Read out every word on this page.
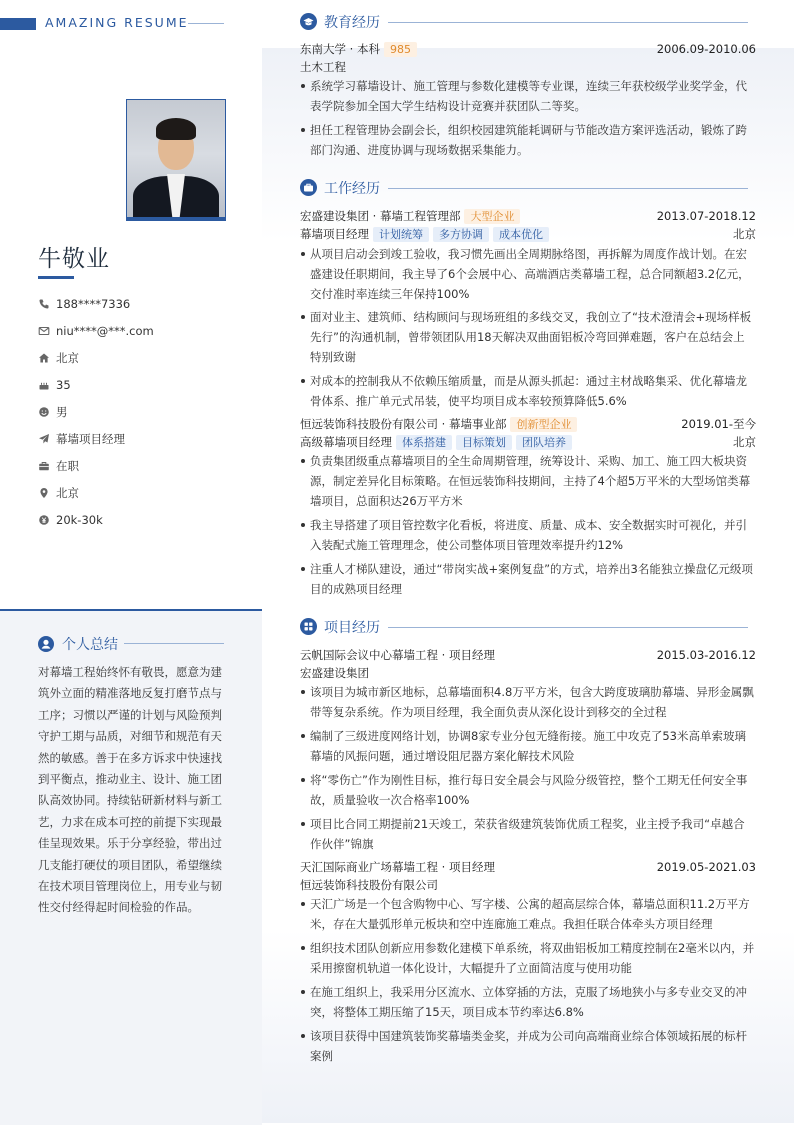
AMAZING RESUME
牛敬业
188****7336
niu****@***.com
北京
35
男
幕墙项目经理
在职
北京
20k-30k
个人总结
对幕墙工程始终怀有敬畏，愿意为建筑外立面的精准落地反复打磨节点与工序；习惯以严谨的计划与风险预判守护工期与品质，对细节和规范有天然的敏感。善于在多方诉求中快速找到平衡点，推动业主、设计、施工团队高效协同。持续钻研新材料与新工艺，力求在成本可控的前提下实现最佳呈现效果。乐于分享经验，带出过几支能打硬仗的项目团队，希望继续在技术项目管理岗位上，用专业与韧性交付经得起时间检验的作品。
教育经历
东南大学 · 本科 985	2006.09-2010.06
土木工程
系统学习幕墙设计、施工管理与参数化建模等专业课，连续三年获校级学业奖学金，代表学院参加全国大学生结构设计竞赛并获团队二等奖。
担任工程管理协会副会长，组织校园建筑能耗调研与节能改造方案评选活动，锻炼了跨部门沟通、进度协调与现场数据采集能力。
工作经历
宏盛建设集团 · 幕墙工程管理部 大型企业	2013.07-2018.12
幕墙项目经理 计划统筹 多方协调 成本优化	北京
从项目启动会到竣工验收，我习惯先画出全周期脉络图，再拆解为周度作战计划。在宏盛建设任职期间，我主导了6个会展中心、高端酒店类幕墙工程，总合同额超3.2亿元，交付准时率连续三年保持100%
面对业主、建筑师、结构顾问与现场班组的多线交叉，我创立了“技术澄清会+现场样板先行”的沟通机制，曾带领团队用18天解决双曲面铝板冷弯回弹难题，客户在总结会上特别致谢
对成本的控制我从不依赖压缩质量，而是从源头抓起：通过主材战略集采、优化幕墙龙骨体系、推广单元式吊装，使平均项目成本率较预算降低5.6%
恒远装饰科技股份有限公司 · 幕墙事业部 创新型企业	2019.01-至今
高级幕墙项目经理 体系搭建 目标策划 团队培养	北京
负责集团级重点幕墙项目的全生命周期管理，统筹设计、采购、加工、施工四大板块资源，制定差异化目标策略。在恒远装饰科技期间，主持了4个超5万平米的大型场馆类幕墙项目，总面积达26万平方米
我主导搭建了项目管控数字化看板，将进度、质量、成本、安全数据实时可视化，并引入装配式施工管理理念，使公司整体项目管理效率提升约12%
注重人才梯队建设，通过“带岗实战+案例复盘”的方式，培养出3名能独立操盘亿元级项目的成熟项目经理
项目经历
云帆国际会议中心幕墙工程 · 项目经理	2015.03-2016.12
宏盛建设集团
该项目为城市新区地标，总幕墙面积4.8万平方米，包含大跨度玻璃肋幕墙、异形金属飘带等复杂系统。作为项目经理，我全面负责从深化设计到移交的全过程
编制了三级进度网络计划，协调8家专业分包无缝衔接。施工中攻克了53米高单索玻璃幕墙的风振问题，通过增设阻尼器方案化解技术风险
将“零伤亡”作为刚性目标，推行每日安全晨会与风险分级管控，整个工期无任何安全事故，质量验收一次合格率100%
项目比合同工期提前21天竣工，荣获省级建筑装饰优质工程奖，业主授予我司“卓越合作伙伴”锦旗
天汇国际商业广场幕墙工程 · 项目经理	2019.05-2021.03
恒远装饰科技股份有限公司
天汇广场是一个包含购物中心、写字楼、公寓的超高层综合体，幕墙总面积11.2万平方米，存在大量弧形单元板块和空中连廊施工难点。我担任联合体牵头方项目经理
组织技术团队创新应用参数化建模下单系统，将双曲铝板加工精度控制在2毫米以内，并采用擦窗机轨道一体化设计，大幅提升了立面简洁度与使用功能
在施工组织上，我采用分区流水、立体穿插的方法，克服了场地狭小与多专业交叉的冲突，将整体工期压缩了15天，项目成本节约率达6.8%
该项目获得中国建筑装饰奖幕墙类金奖，并成为公司向高端商业综合体领域拓展的标杆案例
